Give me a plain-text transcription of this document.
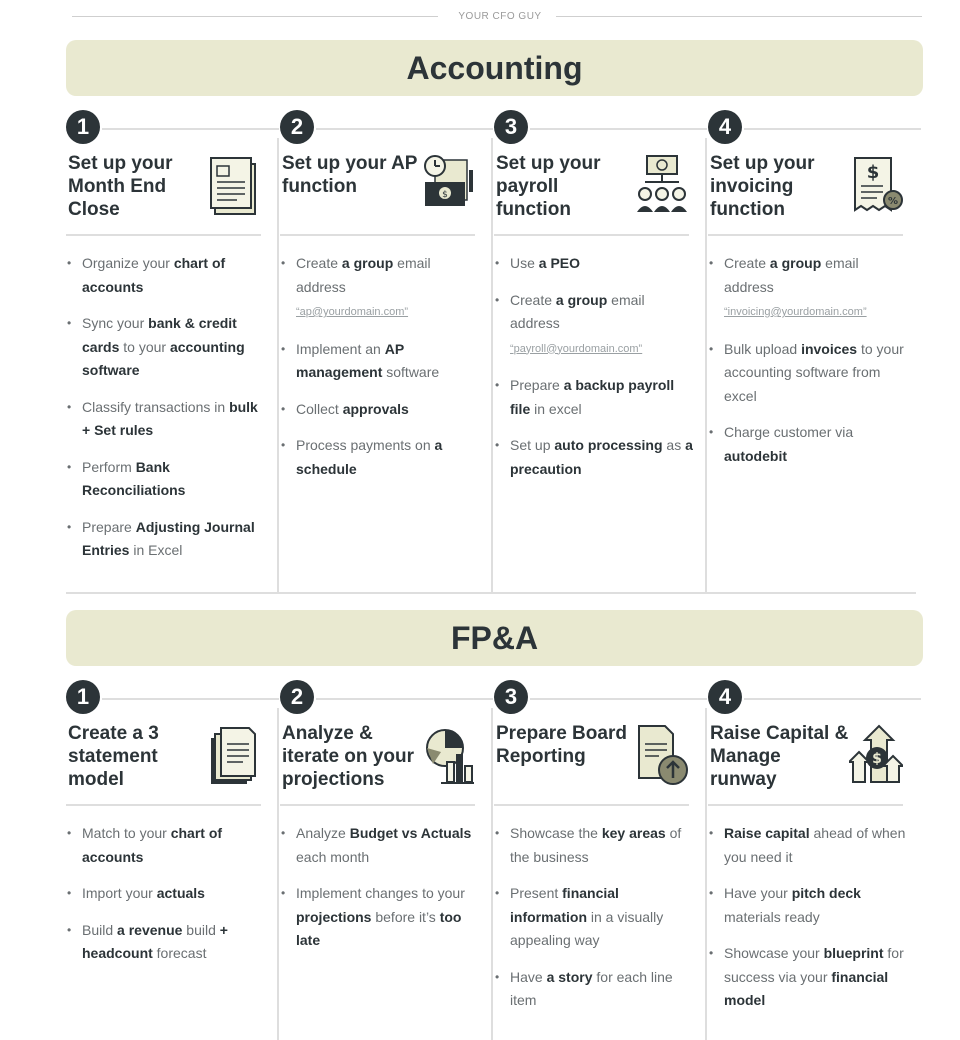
YOUR CFO GUY
Accounting
1
Set up your Month End Close
• Organize your chart of accounts
• Sync your bank & credit cards to your accounting software
• Classify transactions in bulk + Set rules
• Perform Bank Reconciliations
• Prepare Adjusting Journal Entries in Excel
2
Set up your AP function	$
• Create a group email address
“ap@yourdomain.com”
• Implement an AP management software
• Collect approvals
• Process payments on a schedule
3
Set up your payroll function
• Use a PEO
• Create a group email address
“payroll@yourdomain.com”
• Prepare a backup payroll file in excel
• Set up auto processing as a precaution
4
Set up your invoicing function
$
%
• Create a group email address
“invoicing@yourdomain.com”
• Bulk upload invoices to your accounting software from excel
• Charge customer via autodebit
FP&A
1
Create a 3 statement model
• Match to your chart of accounts
• Import your actuals
• Build a revenue build + headcount forecast
2
Analyze & iterate on your projections
• Analyze Budget vs Actuals each month
• Implement changes to your projections before it’s too late
3
Prepare Board Reporting
• Showcase the key areas of the business
• Present financial information in a visually appealing way
• Have a story for each line item
4
Raise Capital & Manage runway
$
• Raise capital ahead of when you need it
• Have your pitch deck materials ready
• Showcase your blueprint for success via your financial model
